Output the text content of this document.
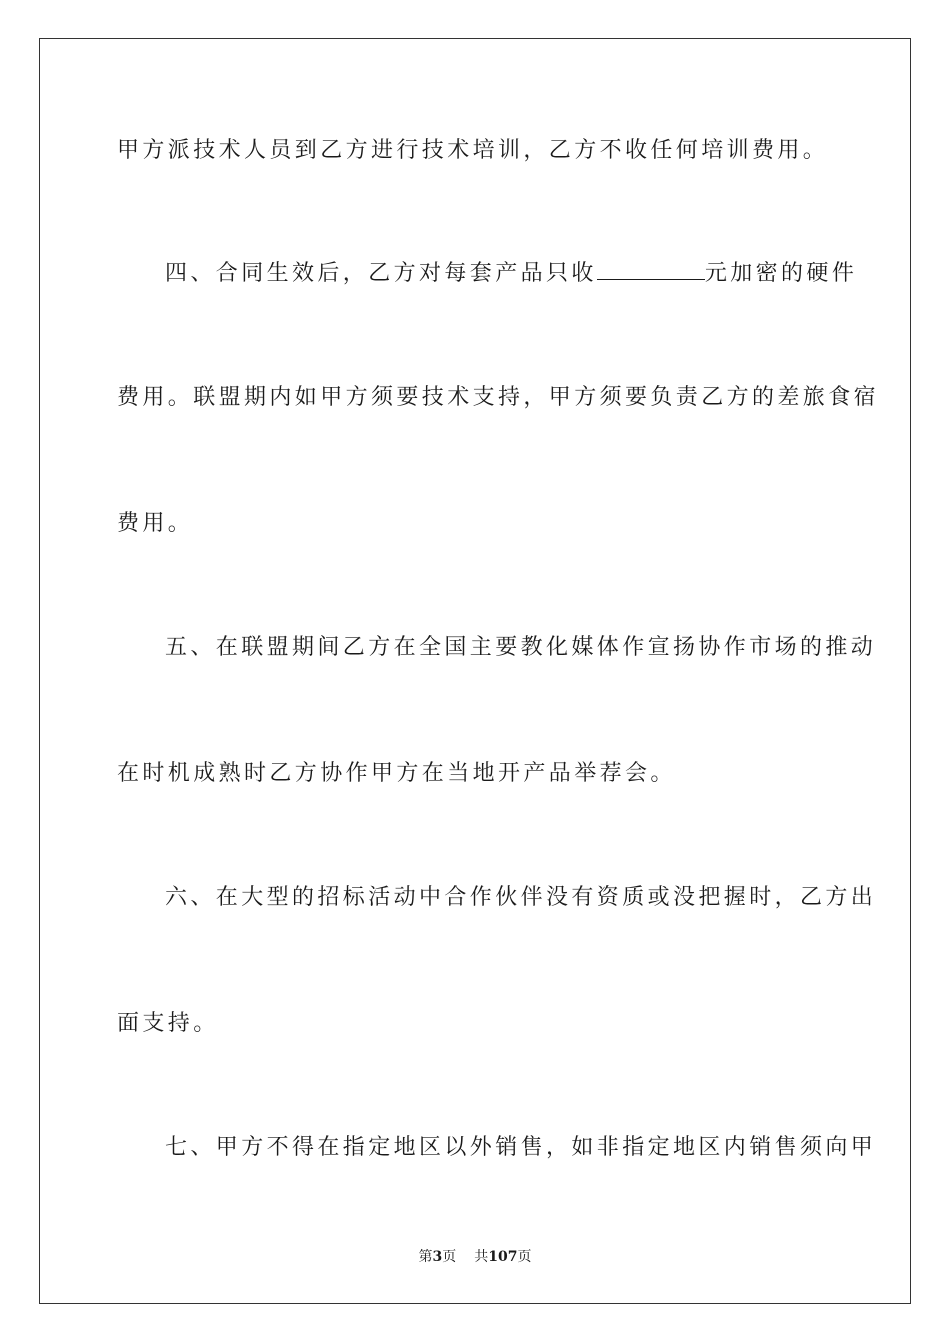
甲方派技术人员到乙方进行技术培训，乙方不收任何培训费用。
四、合同生效后，乙方对每套产品只收	元加密的硬件
费用。联盟期内如甲方须要技术支持，甲方须要负责乙方的差旅食宿
费用。
五、在联盟期间乙方在全国主要教化媒体作宣扬协作市场的推动
在时机成熟时乙方协作甲方在当地开产品举荐会。
六、在大型的招标活动中合作伙伴没有资质或没把握时，乙方出
面支持。
七、甲方不得在指定地区以外销售，如非指定地区内销售须向甲
第3页 共107页
